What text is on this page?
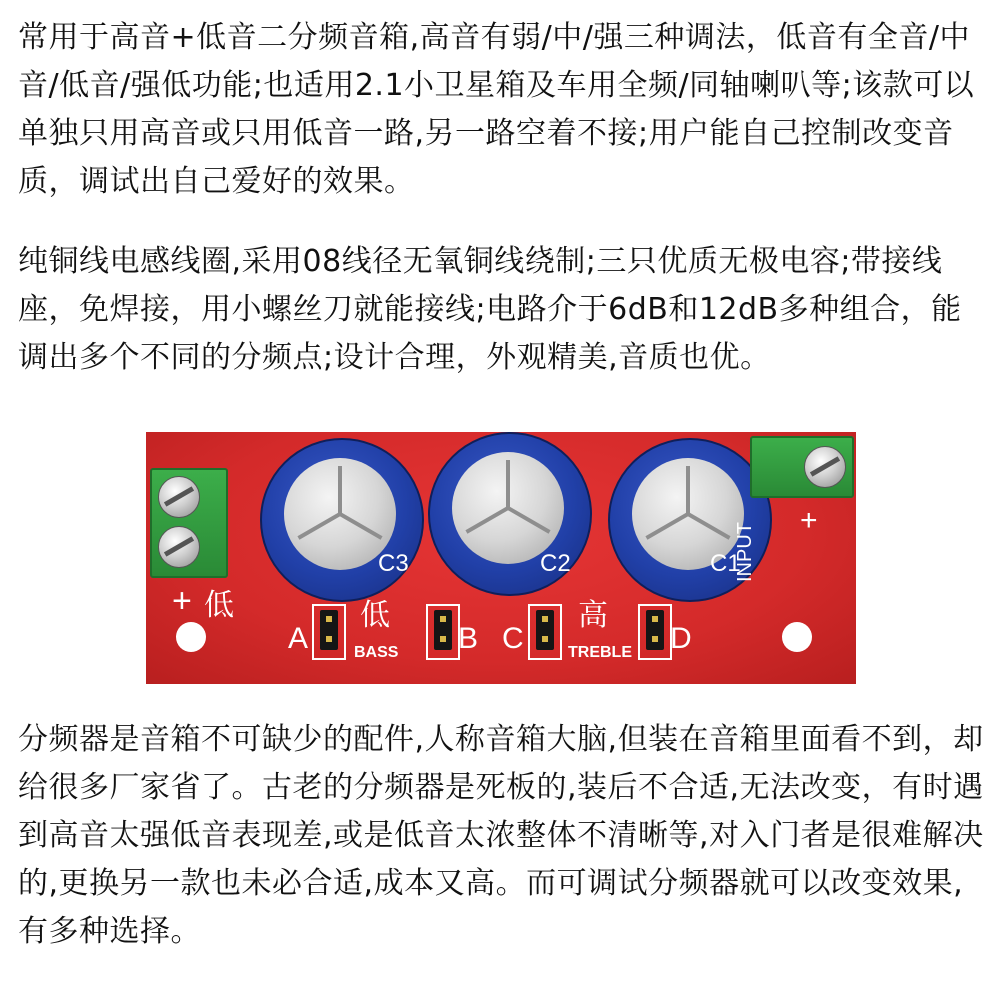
常用于高音+低音二分频音箱,高音有弱/中/强三种调法，低音有全音/中音/低音/强低功能;也适用2.1小卫星箱及车用全频/同轴喇叭等;该款可以单独只用高音或只用低音一路,另一路空着不接;用户能自己控制改变音质，调试出自己爱好的效果。

纯铜线电感线圈,采用08线径无氧铜线绕制;三只优质无极电容;带接线座，免焊接，用小螺丝刀就能接线;电路介于6dB和12dB多种组合，能调出多个不同的分频点;设计合理，外观精美,音质也优。

+ 低
C3	C2	C1
INPUT
+
A
低
BASS B C
高
TREBLE D

分频器是音箱不可缺少的配件,人称音箱大脑,但装在音箱里面看不到，却给很多厂家省了。古老的分频器是死板的,装后不合适,无法改变，有时遇到高音太强低音表现差,或是低音太浓整体不清晰等,对入门者是很难解决的,更换另一款也未必合适,成本又高。而可调试分频器就可以改变效果,有多种选择。
